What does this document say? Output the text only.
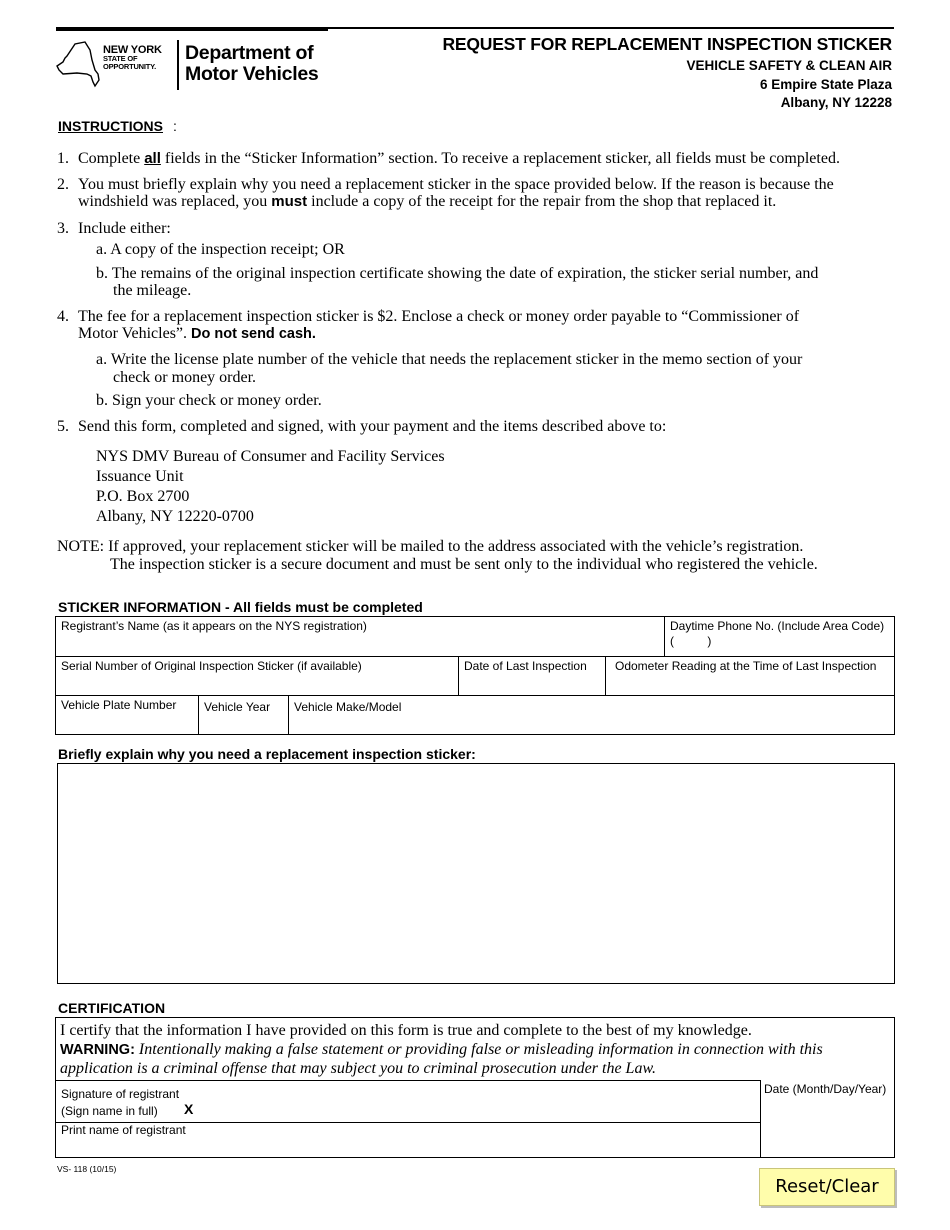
NEW YORK
STATE OF
OPPORTUNITY.
Department of
Motor Vehicles
REQUEST FOR REPLACEMENT INSPECTION STICKER
VEHICLE SAFETY & CLEAN AIR
6 Empire State Plaza
Albany, NY 12228
INSTRUCTIONS :
1. Complete all fields in the “Sticker Information” section. To receive a replacement sticker, all fields must be completed.
2. You must briefly explain why you need a replacement sticker in the space provided below. If the reason is because the
windshield was replaced, you must include a copy of the receipt for the repair from the shop that replaced it.
3. Include either:
a. A copy of the inspection receipt; OR
b. The remains of the original inspection certificate showing the date of expiration, the sticker serial number, and
the mileage.
4. The fee for a replacement inspection sticker is $2. Enclose a check or money order payable to “Commissioner of
Motor Vehicles”. Do not send cash.
a. Write the license plate number of the vehicle that needs the replacement sticker in the memo section of your
check or money order.
b. Sign your check or money order.
5. Send this form, completed and signed, with your payment and the items described above to:
NYS DMV Bureau of Consumer and Facility Services
Issuance Unit
P.O. Box 2700
Albany, NY 12220-0700
NOTE: If approved, your replacement sticker will be mailed to the address associated with the vehicle’s registration.
The inspection sticker is a secure document and must be sent only to the individual who registered the vehicle.
STICKER INFORMATION - All fields must be completed
Registrant’s Name (as it appears on the NYS registration)	Daytime Phone No. (Include Area Code)
(          )
Serial Number of Original Inspection Sticker (if available)	Date of Last Inspection	Odometer Reading at the Time of Last Inspection
Vehicle Plate Number	Vehicle Year	Vehicle Make/Model
Briefly explain why you need a replacement inspection sticker:
CERTIFICATION
I certify that the information I have provided on this form is true and complete to the best of my knowledge.
WARNING: Intentionally making a false statement or providing false or misleading information in connection with this
application is a criminal offense that may subject you to criminal prosecution under the Law.
Signature of registrant
(Sign name in full)	X
Date (Month/Day/Year)
Print name of registrant
VS- 118 (10/15)
Reset/Clear
